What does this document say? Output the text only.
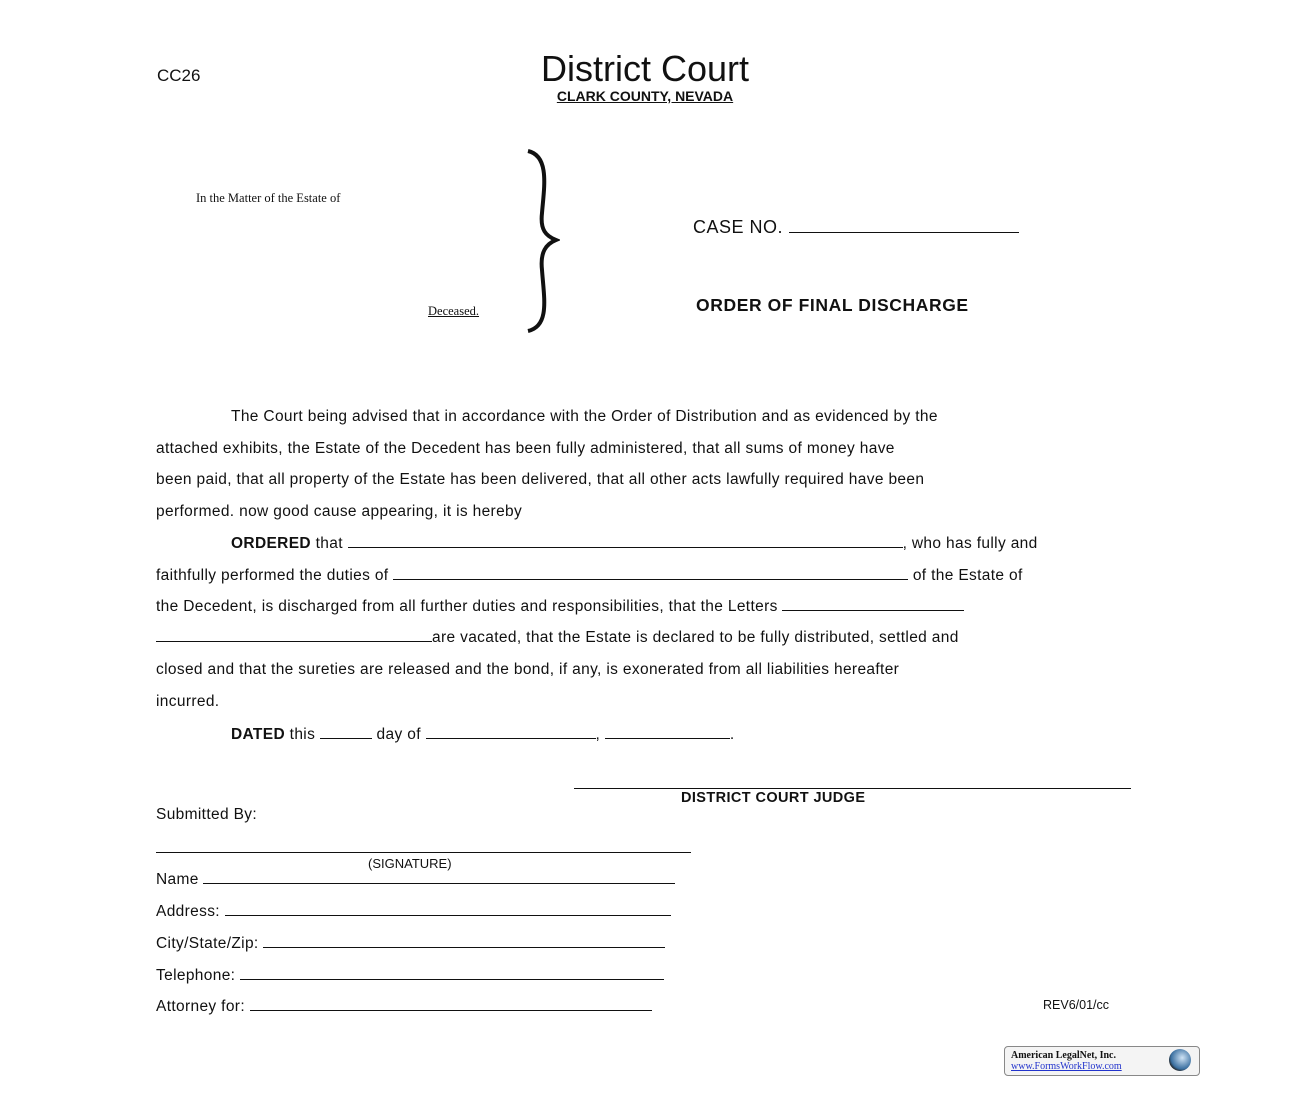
CC26	District Court
CLARK COUNTY, NEVADA
In the Matter of the Estate of
Deceased.
CASE NO.
ORDER OF FINAL DISCHARGE
The Court being advised that in accordance with the Order of Distribution and as evidenced by the
attached exhibits, the Estate of the Decedent has been fully administered, that all sums of money have
been paid, that all property of the Estate has been delivered, that all other acts lawfully required have been
performed. now good cause appearing, it is hereby
ORDERED that	, who has fully and
faithfully performed the duties of	of the Estate of
the Decedent, is discharged from all further duties and responsibilities, that the Letters
are vacated, that the Estate is declared to be fully distributed, settled and
closed and that the sureties are released and the bond, if any, is exonerated from all liabilities hereafter
incurred.
DATED this	day of	,	.
DISTRICT COURT JUDGE
Submitted By:
(SIGNATURE)
Name
Address:
City/State/Zip:
Telephone:
Attorney for:	REV6/01/cc
American LegalNet, Inc.
www.FormsWorkFlow.com
